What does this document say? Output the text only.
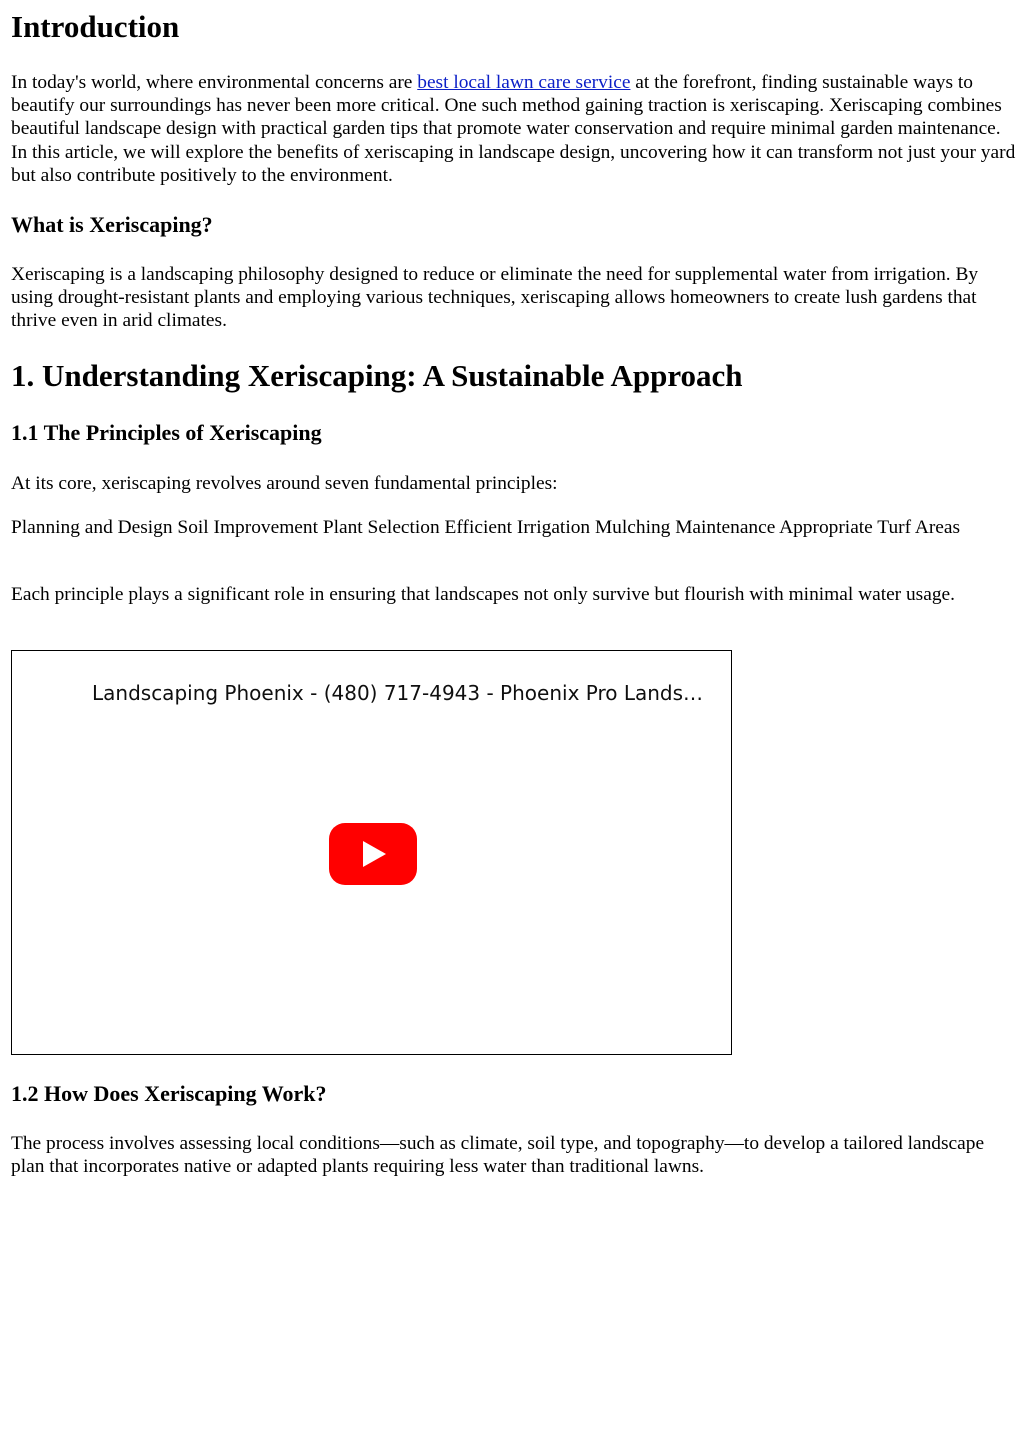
Introduction

In today's world, where environmental concerns are best local lawn care service at the forefront, finding sustainable ways to beautify our surroundings has never been more critical. One such method gaining traction is xeriscaping. Xeriscaping combines beautiful landscape design with practical garden tips that promote water conservation and require minimal garden maintenance. In this article, we will explore the benefits of xeriscaping in landscape design, uncovering how it can transform not just your yard but also contribute positively to the environment.

What is Xeriscaping?

Xeriscaping is a landscaping philosophy designed to reduce or eliminate the need for supplemental water from irrigation. By using drought-resistant plants and employing various techniques, xeriscaping allows homeowners to create lush gardens that thrive even in arid climates.

1. Understanding Xeriscaping: A Sustainable Approach
1.1 The Principles of Xeriscaping

At its core, xeriscaping revolves around seven fundamental principles:

Planning and Design Soil Improvement Plant Selection Efficient Irrigation Mulching Maintenance Appropriate Turf Areas

Each principle plays a significant role in ensuring that landscapes not only survive but flourish with minimal water usage.

Landscaping Phoenix - (480) 717-4943 - Phoenix Pro Lands…
1.2 How Does Xeriscaping Work?

The process involves assessing local conditions—such as climate, soil type, and topography—to develop a tailored landscape plan that incorporates native or adapted plants requiring less water than traditional lawns.
